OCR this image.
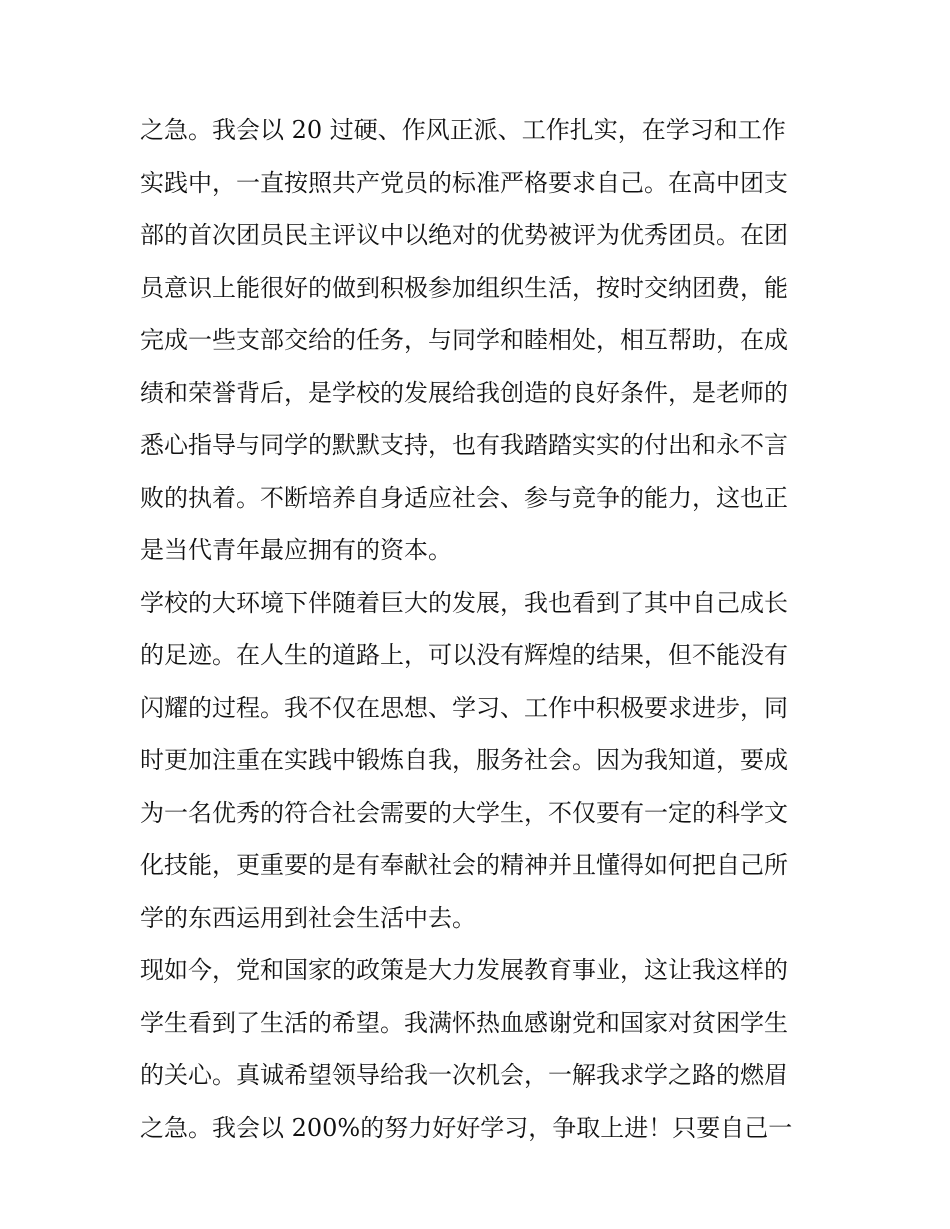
之急。我会以 20 过硬、作风正派、工作扎实，在学习和工作
实践中，一直按照共产党员的标准严格要求自己。在高中团支
部的首次团员民主评议中以绝对的优势被评为优秀团员。在团
员意识上能很好的做到积极参加组织生活，按时交纳团费，能
完成一些支部交给的任务，与同学和睦相处，相互帮助，在成
绩和荣誉背后，是学校的发展给我创造的良好条件，是老师的
悉心指导与同学的默默支持，也有我踏踏实实的付出和永不言
败的执着。不断培养自身适应社会、参与竞争的能力，这也正
是当代青年最应拥有的资本。
学校的大环境下伴随着巨大的发展，我也看到了其中自己成长
的足迹。在人生的道路上，可以没有辉煌的结果，但不能没有
闪耀的过程。我不仅在思想、学习、工作中积极要求进步，同
时更加注重在实践中锻炼自我，服务社会。因为我知道，要成
为一名优秀的符合社会需要的大学生，不仅要有一定的科学文
化技能，更重要的是有奉献社会的精神并且懂得如何把自己所
学的东西运用到社会生活中去。
现如今，党和国家的政策是大力发展教育事业，这让我这样的
学生看到了生活的希望。我满怀热血感谢党和国家对贫困学生
的关心。真诚希望领导给我一次机会，一解我求学之路的燃眉
之急。我会以 200%的努力好好学习，争取上进！只要自己一
